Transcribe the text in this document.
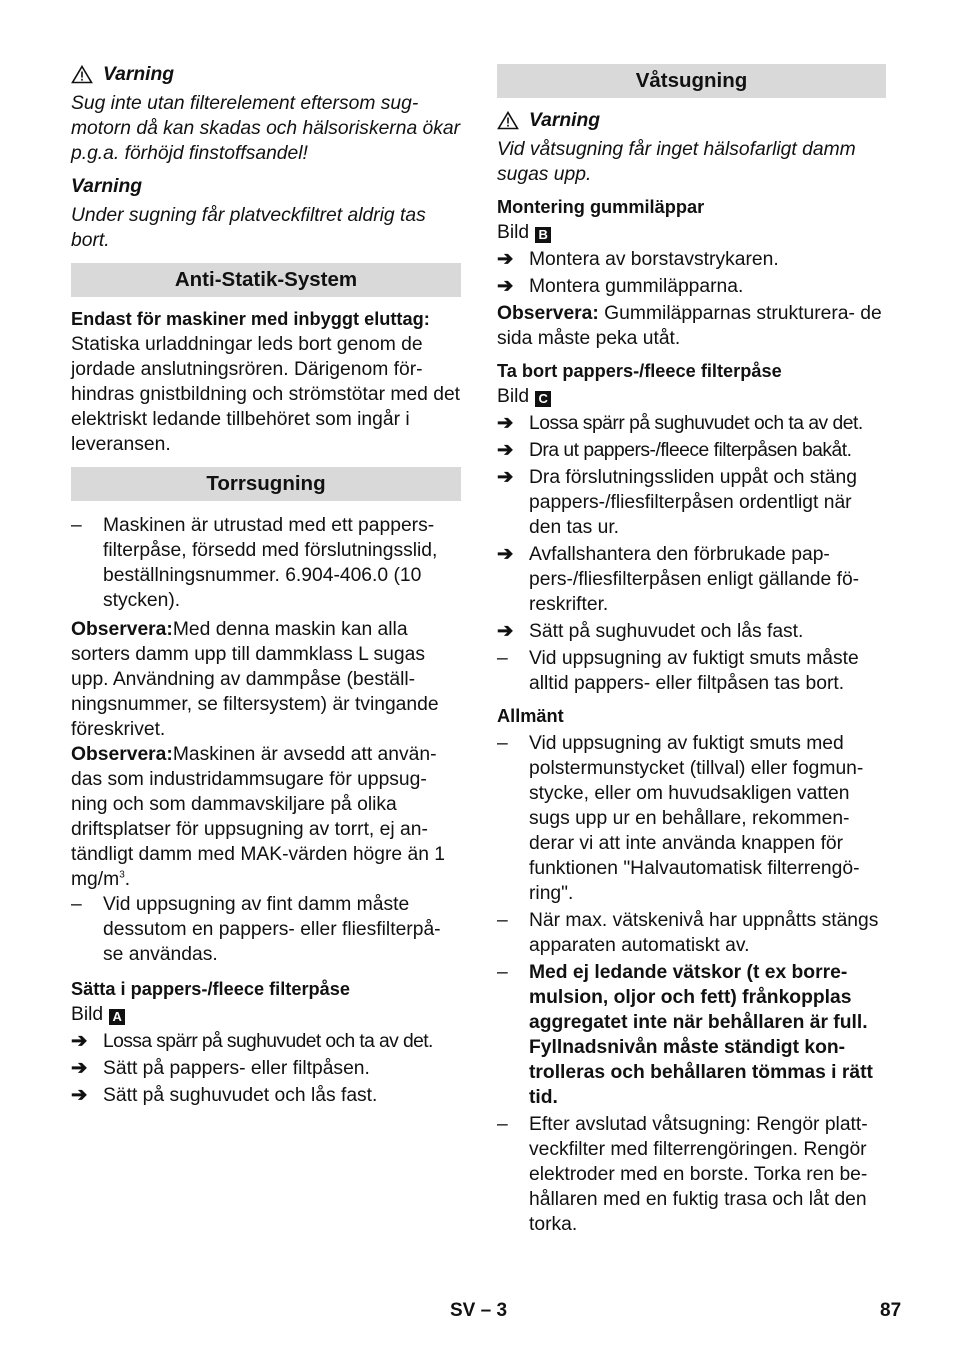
Varning

Sug inte utan filterelement eftersom sug- motorn då kan skadas och hälsoriskerna ökar p.g.a. förhöjd finstoffsandel!

Varning

Under sugning får platveckfiltret aldrig tas bort.

Anti-Statik-System

Endast för maskiner med inbyggt eluttag:

Statiska urladdningar leds bort genom de jordade anslutningsrören. Därigenom för- hindras gnistbildning och strömstötar med det elektriskt ledande tillbehöret som ingår i leveransen.

Torrsugning
–	Maskinen är utrustad med ett pappers- filterpåse, försedd med förslutningsslid, beställningsnummer. 6.904-406.0 (10 stycken).

Observera:Med denna maskin kan alla sorters damm upp till dammklass L sugas upp. Användning av dammpåse (beställ- ningsnummer, se filtersystem) är tvingande föreskrivet.

Observera:Maskinen är avsedd att använ- das som industridammsugare för uppsug- ning och som dammavskiljare på olika driftsplatser för uppsugning av torrt, ej an- tändligt damm med MAK-värden högre än 1 $mg/m^3$.

–	Vid uppsugning av fint damm måste dessutom en pappers- eller fliesfilterpå- se användas.

Sätta i pappers-/fleece filterpåse

Bild A

➔ Lossa spärr på sughuvudet och ta av det.
➔ Sätt på pappers- eller filtpåsen.
➔ Sätt på sughuvudet och lås fast.
Våtsugning
Varning

Vid våtsugning får inget hälsofarligt damm sugas upp.

Montering gummiläppar

Bild B

➔ Montera av borstavstrykaren.
➔ Montera gummiläpparna.

Observera: Gummiläpparnas strukturera- de sida måste peka utåt.

Ta bort pappers-/fleece filterpåse

Bild C

➔ Lossa spärr på sughuvudet och ta av det.
➔ Dra ut pappers-/fleece filterpåsen bakåt.
➔ Dra förslutningssliden uppåt och stäng pappers-/fliesfilterpåsen ordentligt när den tas ur.
➔ Avfallshantera den förbrukade pap- pers-/fliesfilterpåsen enligt gällande fö- reskrifter.
➔ Sätt på sughuvudet och lås fast.
–	Vid uppsugning av fuktigt smuts måste alltid pappers- eller filtpåsen tas bort.

Allmänt

–	Vid uppsugning av fuktigt smuts med polstermunstycket (tillval) eller fogmun- stycke, eller om huvudsakligen vatten sugs upp ur en behållare, rekommen- derar vi att inte använda knappen för funktionen "Halvautomatisk filterrengö- ring".
–	När max. vätskenivå har uppnåtts stängs apparaten automatiskt av.
–	Med ej ledande vätskor (t ex borre- mulsion, oljor och fett) frånkopplas aggregatet inte när behållaren är full. Fyllnadsnivån måste ständigt kon- trolleras och behållaren tömmas i rätt tid.
–	Efter avslutad våtsugning: Rengör platt- veckfilter med filterrengöringen. Rengör elektroder med en borste. Torka ren be- hållaren med en fuktig trasa och låt den torka.
SV – 3	87
